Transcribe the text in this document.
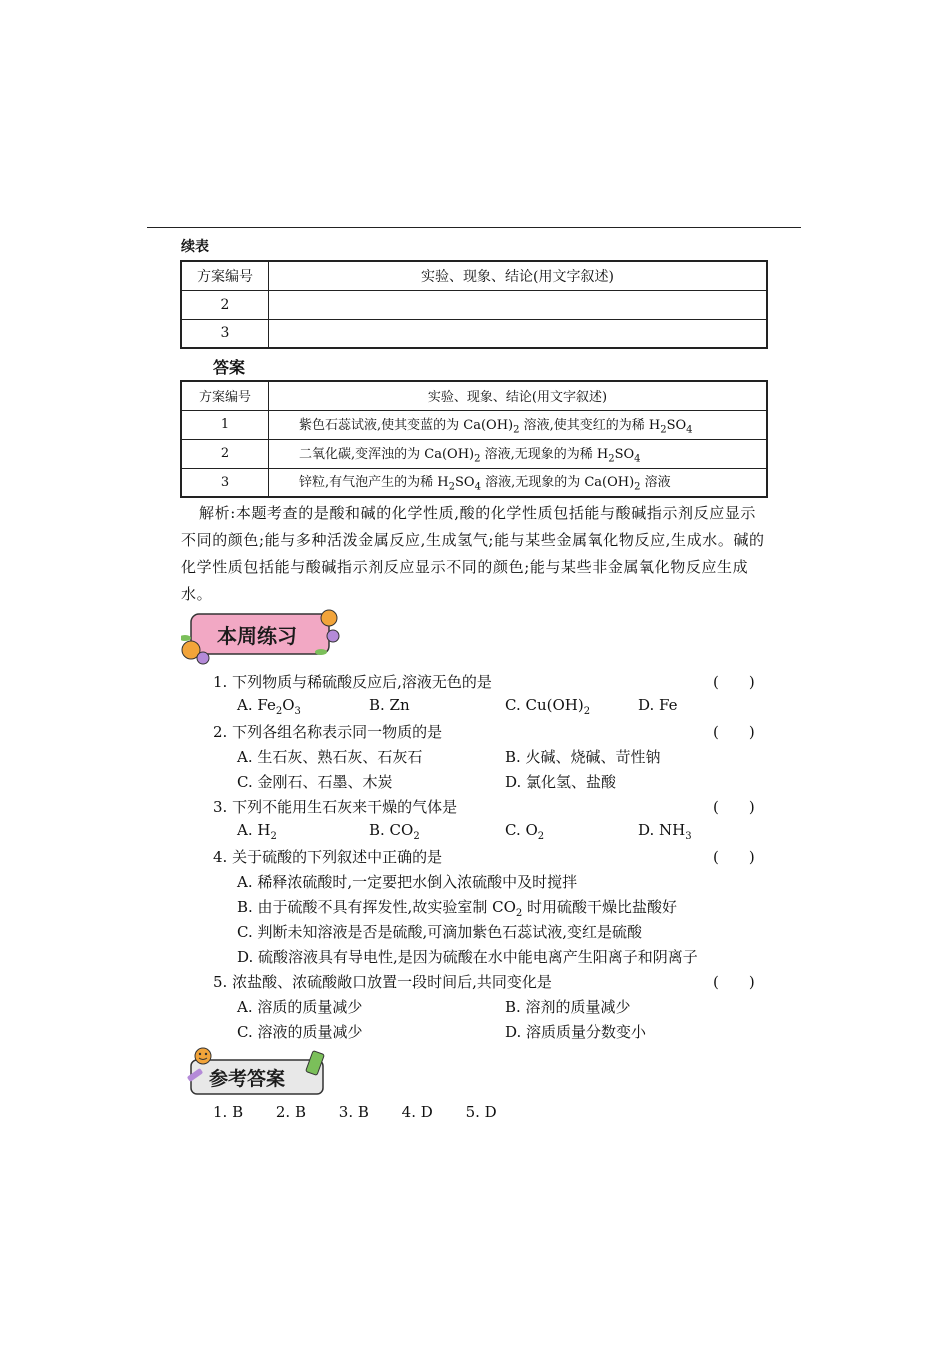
续表
方案编号	实验、现象、结论(用文字叙述)
2	
3	
答案
方案编号	实验、现象、结论(用文字叙述)
1	紫色石蕊试液,使其变蓝的为 $Ca(OH)_2$ 溶液,使其变红的为稀 $H_2SO_4$
2	二氧化碳,变浑浊的为 $Ca(OH)_2$ 溶液,无现象的为稀 $H_2SO_4$
3	锌粒,有气泡产生的为稀 $H_2SO_4$ 溶液,无现象的为 $Ca(OH)_2$ 溶液
解析:本题考查的是酸和碱的化学性质,酸的化学性质包括能与酸碱指示剂反应显示不同的颜色;能与多种活泼金属反应,生成氢气;能与某些金属氧化物反应,生成水。碱的化学性质包括能与酸碱指示剂反应显示不同的颜色;能与某些非金属氧化物反应生成水。
本周练习
1. 下列物质与稀硫酸反应后,溶液无色的是	(　　)
A. $Fe_2O_3$	B. Zn	C. $Cu(OH)_2$	D. Fe
2. 下列各组名称表示同一物质的是	(　　)
A. 生石灰、熟石灰、石灰石	B. 火碱、烧碱、苛性钠
C. 金刚石、石墨、木炭	D. 氯化氢、盐酸
3. 下列不能用生石灰来干燥的气体是	(　　)
A. $H_2$	B. $CO_2$	C. $O_2$	D. $NH_3$
4. 关于硫酸的下列叙述中正确的是	(　　)
A. 稀释浓硫酸时,一定要把水倒入浓硫酸中及时搅拌
B. 由于硫酸不具有挥发性,故实验室制 $CO_2$ 时用硫酸干燥比盐酸好
C. 判断未知溶液是否是硫酸,可滴加紫色石蕊试液,变红是硫酸
D. 硫酸溶液具有导电性,是因为硫酸在水中能电离产生阳离子和阴离子
5. 浓盐酸、浓硫酸敞口放置一段时间后,共同变化是	(　　)
A. 溶质的质量减少	B. 溶剂的质量减少
C. 溶液的质量减少	D. 溶质质量分数变小
参考答案
1. B 2. B 3. B 4. D 5. D
